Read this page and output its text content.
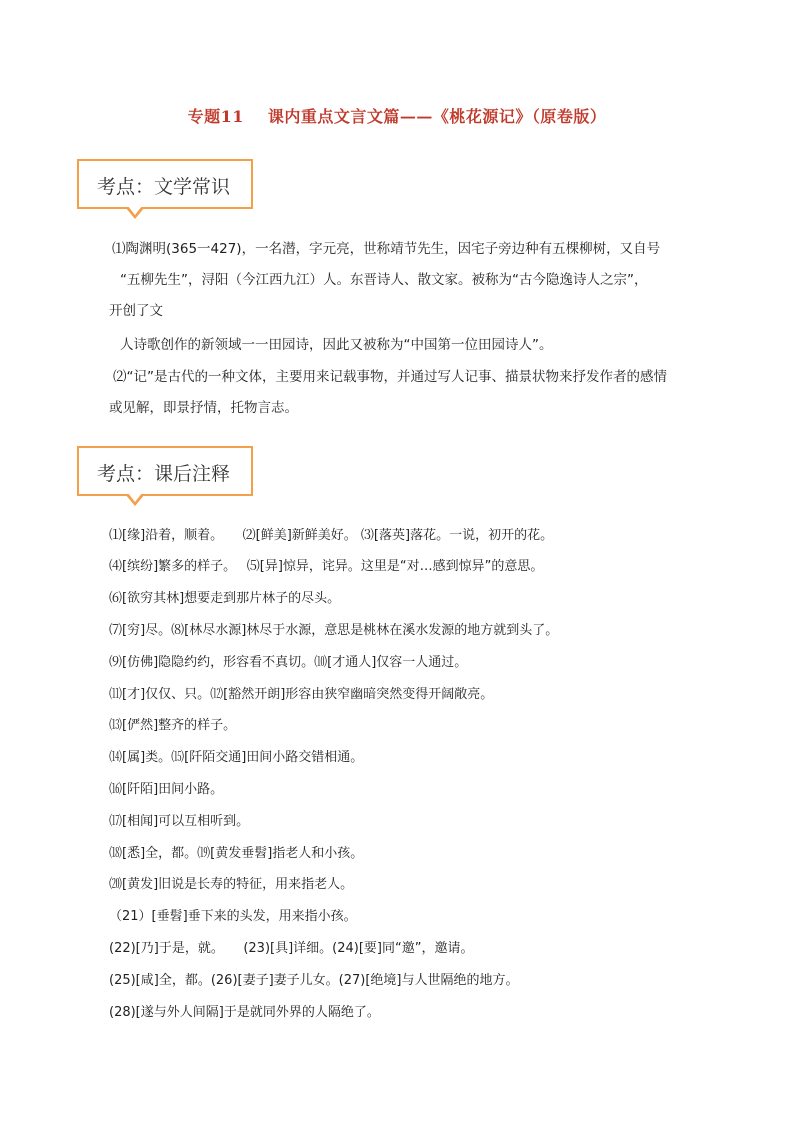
专题11 课内重点文言文篇——《桃花源记》（原卷版）
考点：文学常识
⑴陶渊明(365一427)，一名潜，字元亮，世称靖节先生，因宅子旁边种有五棵柳树，又自号
“五柳先生”，浔阳（今江西九江）人。东晋诗人、散文家。被称为“古今隐逸诗人之宗”，
开创了文
人诗歌创作的新领域一一田园诗，因此又被称为“中国第一位田园诗人”。
⑵“记”是古代的一种文体，主要用来记载事物，并通过写人记事、描景状物来抒发作者的感情
或见解，即景抒情，托物言志。
考点：课后注释
⑴[缘]沿着，顺着。　　⑵[鲜美]新鲜美好。 ⑶[落英]落花。一说，初开的花。
⑷[缤纷]繁多的样子。　 ⑸[异]惊异，诧异。这里是“对…感到惊异”的意思。
⑹[欲穷其林]想要走到那片林子的尽头。
⑺[穷]尽。⑻[林尽水源]林尽于水源，意思是桃林在溪水发源的地方就到头了。
⑼[仿佛]隐隐约约，形容看不真切。⑽[才通人]仅容一人通过。
⑾[才]仅仅、只。⑿[豁然开朗]形容由狭窄幽暗突然变得开阔敞亮。
⒀[俨然]整齐的样子。
⒁[属]类。⒂[阡陌交通]田间小路交错相通。
⒃[阡陌]田间小路。
⒄[相闻]可以互相听到。
⒅[悉]全，都。⒆[黄发垂髫]指老人和小孩。
⒇[黄发]旧说是长寿的特征，用来指老人。
（21）[垂髫]垂下来的头发，用来指小孩。
(22)[乃]于是，就。　　(23)[具]详细。(24)[要]同“邀”，邀请。
(25)[咸]全，都。(26)[妻子]妻子儿女。(27)[绝境]与人世隔绝的地方。
(28)[遂与外人间隔]于是就同外界的人隔绝了。
